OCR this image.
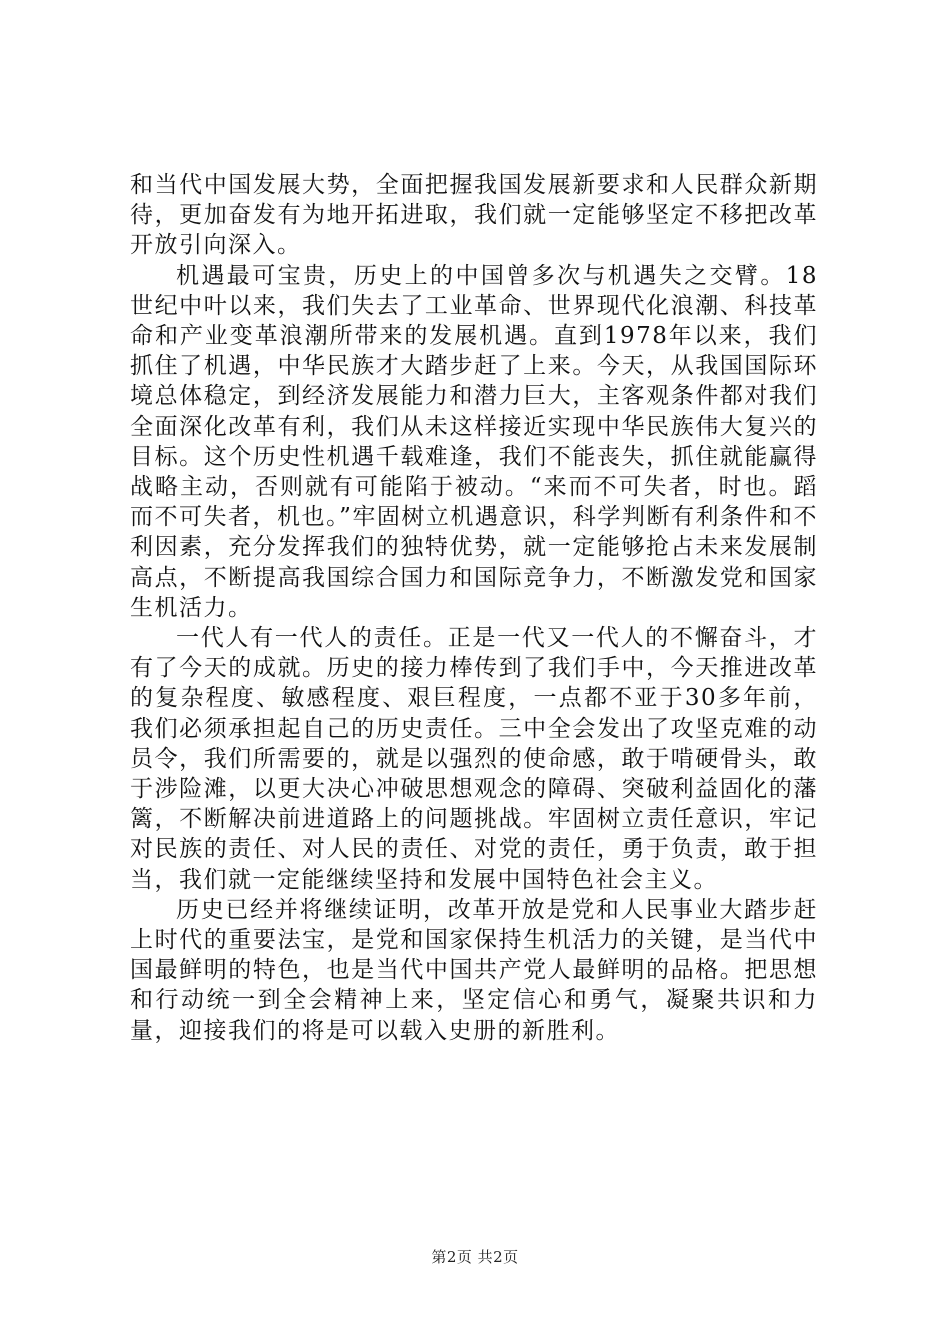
和当代中国发展大势，全面把握我国发展新要求和人民群众新期待，更加奋发有为地开拓进取，我们就一定能够坚定不移把改革开放引向深入。

机遇最可宝贵，历史上的中国曾多次与机遇失之交臂。18世纪中叶以来，我们失去了工业革命、世界现代化浪潮、科技革命和产业变革浪潮所带来的发展机遇。直到1978年以来，我们抓住了机遇，中华民族才大踏步赶了上来。今天，从我国国际环境总体稳定，到经济发展能力和潜力巨大，主客观条件都对我们全面深化改革有利，我们从未这样接近实现中华民族伟大复兴的目标。这个历史性机遇千载难逢，我们不能丧失，抓住就能赢得战略主动，否则就有可能陷于被动。“来而不可失者，时也。蹈而不可失者，机也。”牢固树立机遇意识，科学判断有利条件和不利因素，充分发挥我们的独特优势，就一定能够抢占未来发展制高点，不断提高我国综合国力和国际竞争力，不断激发党和国家生机活力。

一代人有一代人的责任。正是一代又一代人的不懈奋斗，才有了今天的成就。历史的接力棒传到了我们手中，今天推进改革的复杂程度、敏感程度、艰巨程度，一点都不亚于30多年前，我们必须承担起自己的历史责任。三中全会发出了攻坚克难的动员令，我们所需要的，就是以强烈的使命感，敢于啃硬骨头，敢于涉险滩，以更大决心冲破思想观念的障碍、突破利益固化的藩篱，不断解决前进道路上的问题挑战。牢固树立责任意识，牢记对民族的责任、对人民的责任、对党的责任，勇于负责，敢于担当，我们就一定能继续坚持和发展中国特色社会主义。

历史已经并将继续证明，改革开放是党和人民事业大踏步赶上时代的重要法宝，是党和国家保持生机活力的关键，是当代中国最鲜明的特色，也是当代中国共产党人最鲜明的品格。把思想和行动统一到全会精神上来，坚定信心和勇气，凝聚共识和力量，迎接我们的将是可以载入史册的新胜利。

第2页 共2页
